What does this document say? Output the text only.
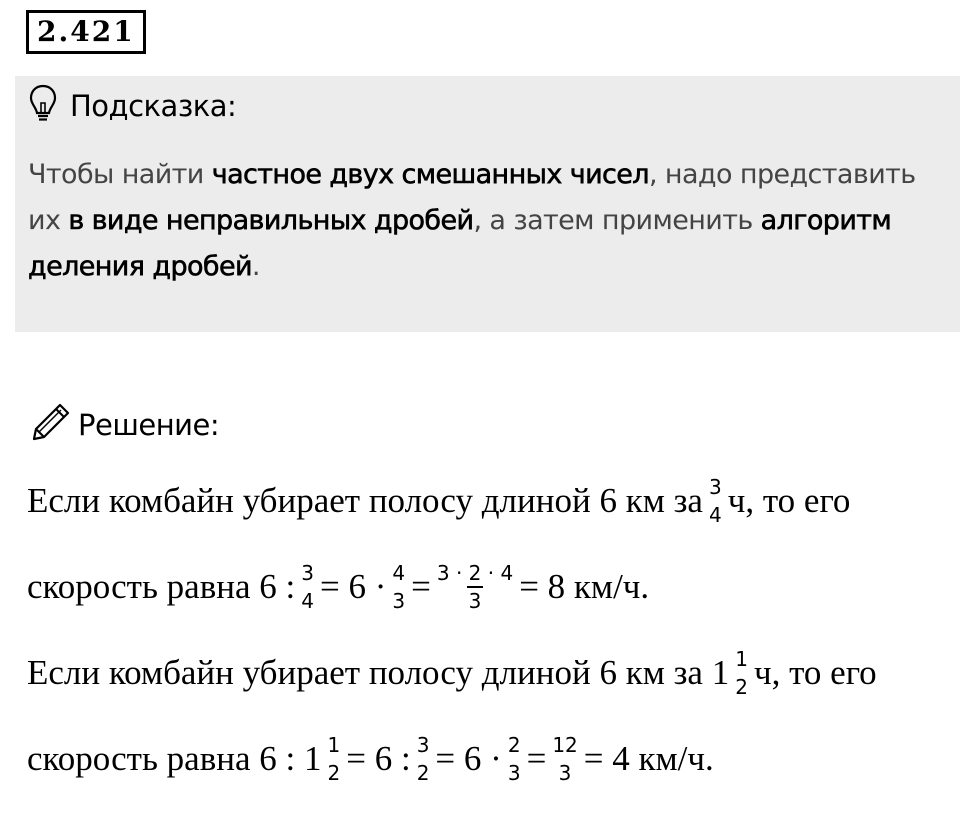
2.421
Подсказка:
Чтобы найти частное двух смешанных чисел, надо представить их в виде неправильных дробей, а затем применить алгоритм деления дробей.
Решение:
Если комбайн убирает полосу длиной 6 км за 3
4 ч, то его
скорость равна 6 : 3
4 = 6 · 4
$3 = \frac{3 \cdot 2 \cdot 4}{3} = 8$ км/ч.
Если комбайн убирает полосу длиной 6 км за 1 1
2 ч, то его
скорость равна 6 : 1 1
2 = 6 : 3
2 = 6 · 2
3 = 12
3 = 4 км/ч.
